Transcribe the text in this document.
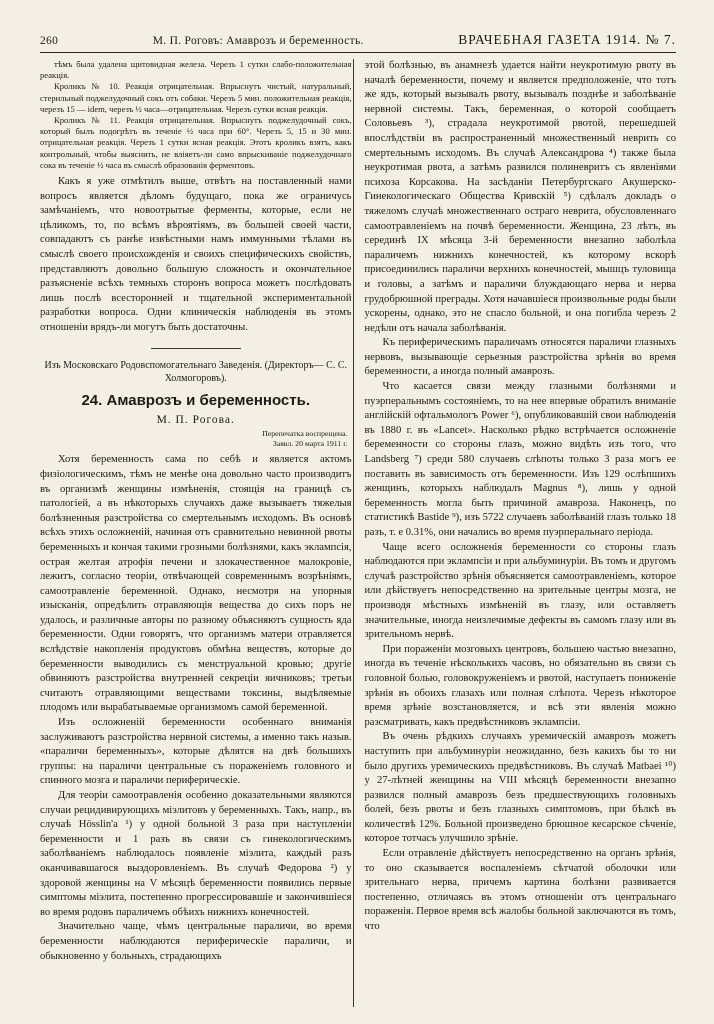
260	М. П. Роговъ: Амаврозъ и беременность.	ВРАЧЕБНАЯ ГАЗЕТА 1914. № 7.

тѣмъ была удалена щитовидная железа. Черезъ 1 сутки слабо-положительная реакція.

Кроликъ № 10. Реакція отрицательная. Впрыснутъ чистый, натуральный, стерильный поджелудочный сокъ отъ собаки. Черезъ 5 мин. положительная реакція, черезъ 15 — idem, черезъ ½ часа—отрицательная. Черезъ сутки ясная реакція.

Кроликъ № 11. Реакція отрицательная. Впрыснутъ поджелудочный сокъ, который былъ подогрѣтъ въ теченіе ½ часа при 60°. Черезъ 5, 15 и 30 мин. отрицательная реакція. Черезъ 1 сутки ясная реакція. Этотъ кроликъ взятъ, какъ контрольный, чтобы выяснить, не вліяетъ-ли само впрыскиваніе поджелудочнаго сока въ теченіе ½ часа въ смыслѣ образованія ферментовъ.

Какъ я уже отмѣтилъ выше, отвѣтъ на поставленный нами вопросъ является дѣломъ будущаго, пока же ограничусь замѣчаніемъ, что новоотрытые ферменты, которые, если не цѣликомъ, то, по всѣмъ вѣроятіямъ, въ большей своей части, совпадаютъ съ ранѣе извѣстными намъ иммунными тѣлами въ смыслѣ своего происхожденія и своихъ специфическихъ свойствъ, представляютъ довольно большую сложность и окончательное разъясненіе всѣхъ темныхъ сторонъ вопроса можетъ послѣдовать лишь послѣ всесторонней и тщательной экспериментальной разработки вопроса. Одни клиническія наблюденія въ этомъ отношеніи врядъ-ли могутъ быть достаточны.

Изъ Московскаго Родовспомогательнаго Заведенія. (Директоръ— С. С. Холмогоровъ).
24. Амаврозъ и беременность.
М. П. Рогова.
Перепечатка воспрещена.
Заявл. 20 марта 1911 г.

Хотя беременность сама по себѣ и является актомъ физіологическимъ, тѣмъ не менѣе она довольно часто производитъ въ организмѣ женщины измѣненія, стоящія на границѣ съ патологіей, а въ нѣкоторыхъ случаяхъ даже вызываетъ тяжелыя болѣзненныя разстройства со смертельнымъ исходомъ. Въ основѣ всѣхъ этихъ осложненій, начиная отъ сравнительно невинной рвоты беременныхъ и кончая такими грозными болѣзнями, какъ эклампсія, острая желтая атрофія печени и злокачественное малокровіе, лежитъ, согласно теоріи, отвѣчающей современнымъ возрѣніямъ, самоотравленіе беременной. Однако, несмотря на упорныя изысканія, опредѣлить отравляющія вещества до сихъ поръ не удалось, и различные авторы по разному объясняютъ сущность яда беременности. Одни говорятъ, что организмъ матери отравляется вслѣдствіе накопленія продуктовъ обмѣна веществъ, которые до беременности выводились съ менструальной кровью; другіе обвиняютъ разстройства внутренней секреціи яичниковъ; третьи считаютъ отравляющими веществами токсины, выдѣляемые плодомъ или вырабатываемые организмомъ самой беременной.

Изъ осложненій беременности особеннаго вниманія заслуживаютъ разстройства нервной системы, а именно такъ назыв. «параличи беременныхъ», которые дѣлятся на двѣ большихъ группы: на параличи центральные съ пораженіемъ головного и спинного мозга и параличи периферическіе.

Для теоріи самоотравленія особенно доказательными являются случаи рецидивирующихъ міэлитовъ у беременныхъ. Такъ, напр., въ случаѣ Hösslin'а ¹) у одной больной 3 раза при наступленіи беременности и 1 разъ въ связи съ гинекологическимъ заболѣваніемъ наблюдалось появленіе міэлита, каждый разъ оканчивавшагося выздоровленіемъ. Въ случаѣ Федорова ²) у здоровой женщины на V мѣсяцѣ беременности появились первые симптомы міэлита, постепенно прогрессировавшіе и закончившіеся во время родовъ параличемъ обѣихъ нижнихъ конечностей.

Значительно чаще, чѣмъ центральные параличи, во время беременности наблюдаются периферическіе параличи, и обыкновенно у больныхъ, страдающихъ

этой болѣзнью, въ анамнезѣ удается найти неукротимую рвоту въ началѣ беременности, почему и является предположеніе, что тотъ же ядъ, который вызывалъ рвоту, вызывалъ позднѣе и заболѣваніе нервной системы. Такъ, беременная, о которой сообщаетъ Соловьевъ ³), страдала неукротимой рвотой, перешедшей впослѣдствіи въ распространенный множественный неврить со смертельнымъ исходомъ. Въ случаѣ Александрова ⁴) также была неукротимая рвота, а затѣмъ развился полиневритъ съ явленіями психоза Корсакова. На засѣданіи Петербургскаго Акушерско-Гинекологическаго Общества Кривскій ⁵) сдѣлалъ докладъ о тяжеломъ случаѣ множественнаго остраго неврита, обусловленнаго самоотравленіемъ на почвѣ беременности. Женщина, 23 лѣтъ, въ серединѣ IX мѣсяца 3-й беременности внезапно заболѣла параличемъ нижнихъ конечностей, къ которому вскорѣ присоединились параличи верхнихъ конечностей, мышцъ туловища и головы, а затѣмъ и параличи блуждающаго нерва и нерва грудобрюшной преграды. Хотя начавшіеся произвольные роды были ускорены, однако, это не спасло больной, и она погибла черезъ 2 недѣли отъ начала заболѣванія.

Къ периферическимъ параличамъ относятся параличи глазныхъ нервовъ, вызывающіе серьезныя разстройства зрѣнія во время беременности, а иногда полный амаврозъ.

Что касается связи между глазными болѣзнями и пуэрперальнымъ состояніемъ, то на нее впервые обратилъ вниманіе англійскій офтальмологъ Power ⁶), опубликовавшій свои наблюденія въ 1880 г. въ «Lancet». Насколько рѣдко встрѣчается осложненіе беременности со стороны глазъ, можно видѣть изъ того, что Landsberg ⁷) среди 580 случаевъ слѣпоты только 3 раза могъ ее поставить въ зависимость отъ беременности. Изъ 129 ослѣпшихъ женщинъ, которыхъ наблюдалъ Magnus ⁸), лишь у одной беременность могла быть причиной амавроза. Наконецъ, по статистикѣ Bastide ⁹), изъ 5722 случаевъ заболѣваній глазъ только 18 разъ, т. е 0.31%, они начались во время пуэрперальнаго періода.

Чаще всего осложненія беременности со стороны глазъ наблюдаются при эклампсіи и при альбуминуріи. Въ томъ и другомъ случаѣ разстройство зрѣнія объясняется самоотравленіемъ, которое или дѣйствуетъ непосредственно на зрительные центры мозга, не производя мѣстныхъ измѣненій въ глазу, или оставляетъ значительные, иногда неизлечимые дефекты въ самомъ глазу или въ зрительномъ нервѣ.

При пораженіи мозговыхъ центровъ, большею частью внезапно, иногда въ теченіе нѣсколькихъ часовъ, но обязательно въ связи съ головной болью, головокруженіемъ и рвотой, наступаетъ пониженіе зрѣнія въ обоихъ глазахъ или полная слѣпота. Черезъ нѣкоторое время зрѣніе возстановляется, и всѣ эти явленія можно разсматривать, какъ предвѣстниковъ эклампсіи.

Въ очень рѣдкихъ случаяхъ уремическій амаврозъ можетъ наступить при альбуминуріи неожиданно, безъ какихъ бы то ни было другихъ уремическихъ предвѣстниковъ. Въ случаѣ Matbaei ¹⁰) у 27-лѣтней женщины на VIII мѣсяцѣ беременности внезапно развился полный амаврозъ безъ предшествующихъ головныхъ болей, безъ рвоты и безъ глазныхъ симптомовъ, при бѣлкѣ въ количествѣ 12%. Больной произведено брюшное кесарское сѣченіе, которое тотчасъ улучшило зрѣніе.

Если отравленіе дѣйствуетъ непосредственно на органъ зрѣнія, то оно сказывается воспаленіемъ сѣтчатой оболочки или зрительнаго нерва, причемъ картина болѣзни развивается постепенно, отличаясь въ этомъ отношеніи отъ центральнаго пораженія. Первое время всѣ жалобы больной заключаются въ томъ, что
